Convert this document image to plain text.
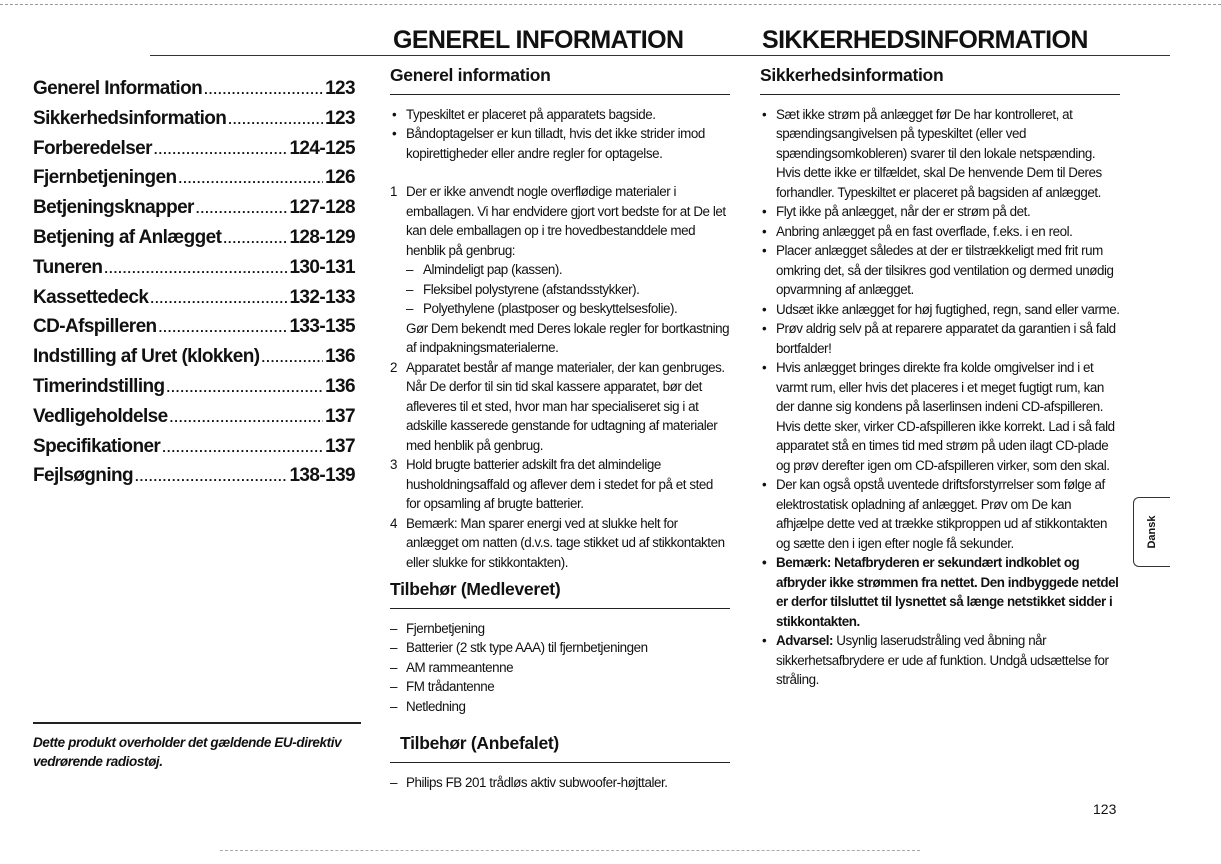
GENEREL INFORMATION	SIKKERHEDSINFORMATION
Generel Information .....	123
Sikkerhedsinformation .....	123
Forberedelser .....	124-125
Fjernbetjeningen .....	126
Betjeningsknapper .....	127-128
Betjening af Anlægget .....	128-129
Tuneren .....	130-131
Kassettedeck .....	132-133
CD-Afspilleren .....	133-135
Indstilling af Uret (klokken) .....	136
Timerindstilling .....	136
Vedligeholdelse .....	137
Specifikationer .....	137
Fejlsøgning .....	138-139
Dette produkt overholder det gældende EU-direktiv vedrørende radiostøj.
Generel information
• Typeskiltet er placeret på apparatets bagside.
• Båndoptagelser er kun tilladt, hvis det ikke strider imod kopirettigheder eller andre regler for optagelse.
1 Der er ikke anvendt nogle overflødige materialer i emballagen. Vi har endvidere gjort vort bedste for at De let kan dele emballagen op i tre hovedbestanddele med henblik på genbrug:
– Almindeligt pap (kassen).
– Fleksibel polystyrene (afstandsstykker).
– Polyethylene (plastposer og beskyttelsesfolie).
Gør Dem bekendt med Deres lokale regler for bortkastning af indpakningsmaterialerne.
2 Apparatet består af mange materialer, der kan genbruges. Når De derfor til sin tid skal kassere apparatet, bør det afleveres til et sted, hvor man har specialiseret sig i at adskille kasserede genstande for udtagning af materialer med henblik på genbrug.
3 Hold brugte batterier adskilt fra det almindelige husholdningsaffald og aflever dem i stedet for på et sted for opsamling af brugte batterier.
4 Bemærk: Man sparer energi ved at slukke helt for anlægget om natten (d.v.s. tage stikket ud af stikkontakten eller slukke for stikkontakten).
Tilbehør (Medleveret)
– Fjernbetjening
– Batterier (2 stk type AAA) til fjernbetjeningen
– AM rammeantenne
– FM trådantenne
– Netledning
Tilbehør (Anbefalet)
– Philips FB 201 trådløs aktiv subwoofer-højttaler.
Sikkerhedsinformation
• Sæt ikke strøm på anlægget før De har kontrolleret, at spændingsangivelsen på typeskiltet (eller ved spændingsomkobleren) svarer til den lokale netspænding. Hvis dette ikke er tilfældet, skal De henvende Dem til Deres forhandler. Typeskiltet er placeret på bagsiden af anlægget.
• Flyt ikke på anlægget, når der er strøm på det.
• Anbring anlægget på en fast overflade, f.eks. i en reol.
• Placer anlægget således at der er tilstrækkeligt med frit rum omkring det, så der tilsikres god ventilation og dermed unødig opvarmning af anlægget.
• Udsæt ikke anlægget for høj fugtighed, regn, sand eller varme.
• Prøv aldrig selv på at reparere apparatet da garantien i så fald bortfalder!
• Hvis anlægget bringes direkte fra kolde omgivelser ind i et varmt rum, eller hvis det placeres i et meget fugtigt rum, kan der danne sig kondens på laserlinsen indeni CD-afspilleren. Hvis dette sker, virker CD-afspilleren ikke korrekt. Lad i så fald apparatet stå en times tid med strøm på uden ilagt CD-plade og prøv derefter igen om CD-afspilleren virker, som den skal.
• Der kan også opstå uventede driftsforstyrrelser som følge af elektrostatisk opladning af anlægget. Prøv om De kan afhjælpe dette ved at trække stikproppen ud af stikkontakten og sætte den i igen efter nogle få sekunder.
• Bemærk: Netafbryderen er sekundært indkoblet og afbryder ikke strømmen fra nettet. Den indbyggede netdel er derfor tilsluttet til lysnettet så længe netstikket sidder i stikkontakten.
• Advarsel: Usynlig laserudstråling ved åbning når sikkerhetsafbrydere er ude af funktion. Undgå udsættelse for stråling.
Dansk
123
